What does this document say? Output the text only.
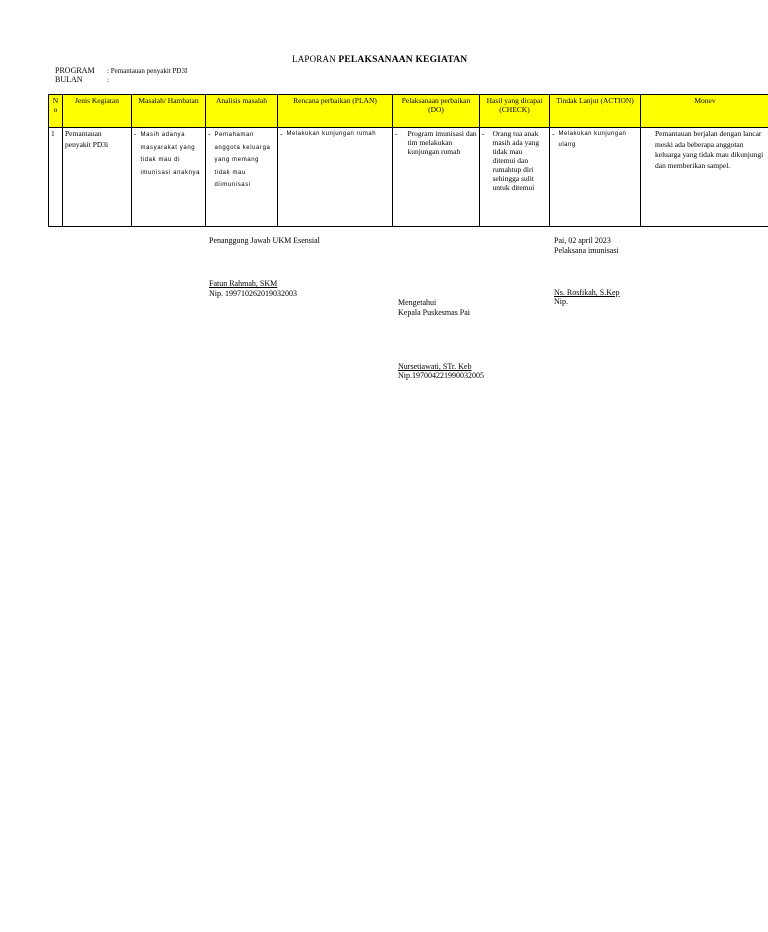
LAPORAN PELAKSANAAN KEGIATAN
PROGRAM : Pemantauan penyakit PD3I
BULAN	:
N o	Jenis Kegiatan	Masalah/ Hambatan	Analisis masalah	Rencana perbaikan (PLAN)	Pelaksanaan perbaikan (DO)	Hasil yang dicapai (CHECK)	Tindak Lanjut (ACTION)	Monev
1	Pemantauan penyakit PD3i	- Masih adanya masyarakat yang tidak mau di imunisasi anaknya	- Pemahaman anggota keluarga yang memang tidak mau diimunisasi	- Melakukan kunjungan rumah	- Program imunisasi dan tim melakukan kunjungan rumah	- Orang tua anak masih ada yang tidak mau ditemui dan rumahtup diri sehingga sulit untuk ditemui	- Melakukan kunjungan ulang	Pemantauan berjalan dengan lancar meski ada beberapa anggotan keluarga yang tidak mau dikunjungi dan memberikan sampel.
Penanggung Jawab UKM Esensial
Fatun Rahmah, SKM
Nip. 199710262019032003
Pai, 02 april 2023
Pelaksana imunisasi
Ns. Rosfikah, S.Kep
Nip.
Mengetahui
Kepala Puskesmas Pai
Nursetiawati, STr. Keb
Nip.197004221990032005
